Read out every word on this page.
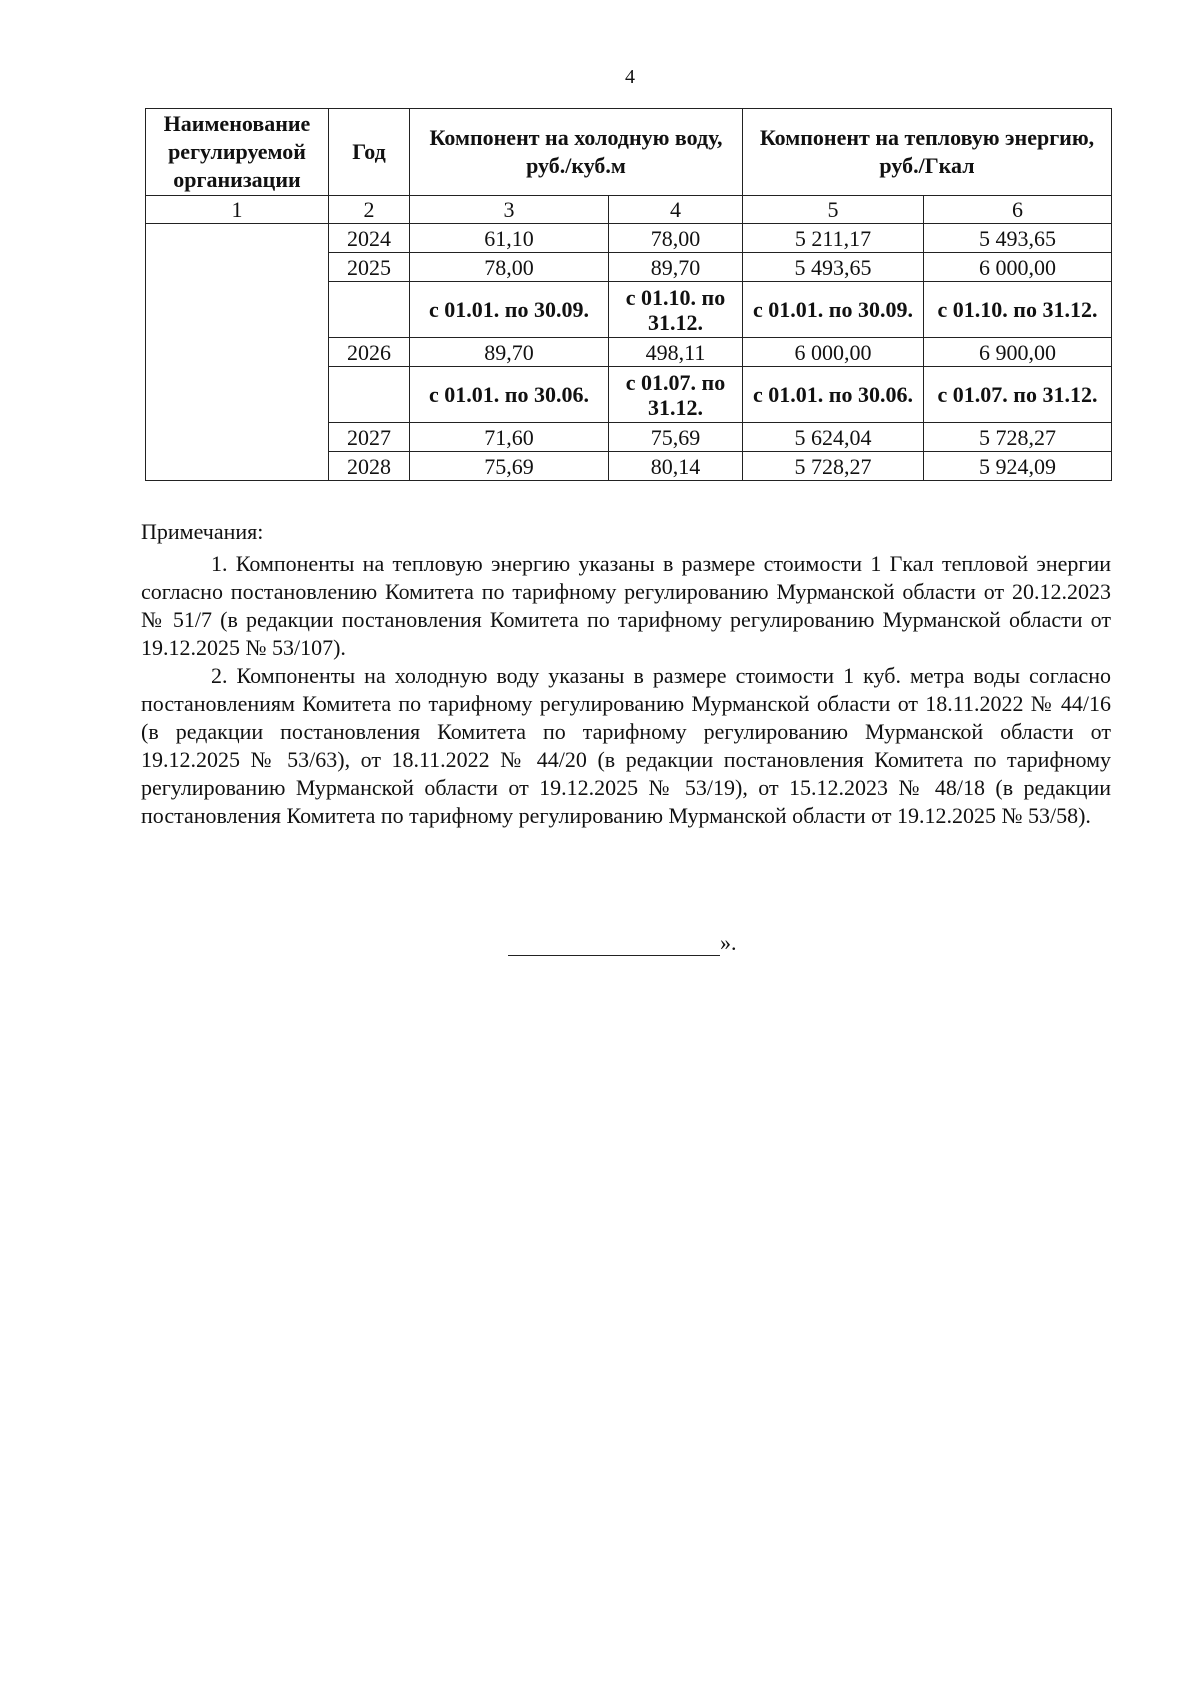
4
Наименование регулируемой организации	Год	Компонент на холодную воду, руб./куб.м		Компонент на тепловую энергию, руб./Гкал	
1	2	3	4	5	6
	2024	61,10	78,00	5 211,17	5 493,65
	2025	78,00	89,70	5 493,65	6 000,00
		с 01.01. по 30.09.	с 01.10. по 31.12.	с 01.01. по 30.09.	с 01.10. по 31.12.
	2026	89,70	498,11	6 000,00	6 900,00
		с 01.01. по 30.06.	с 01.07. по 31.12.	с 01.01. по 30.06.	с 01.07. по 31.12.
	2027	71,60	75,69	5 624,04	5 728,27
	2028	75,69	80,14	5 728,27	5 924,09

Примечания:

1. Компоненты на тепловую энергию указаны в размере стоимости 1 Гкал тепловой энергии согласно постановлению Комитета по тарифному регулированию Мурманской области от 20.12.2023 № 51/7 (в редакции постановления Комитета по тарифному регулированию Мурманской области от 19.12.2025 № 53/107).

2. Компоненты на холодную воду указаны в размере стоимости 1 куб. метра воды согласно постановлениям Комитета по тарифному регулированию Мурманской области от 18.11.2022 № 44/16 (в редакции постановления Комитета по тарифному регулированию Мурманской области от 19.12.2025 № 53/63), от 18.11.2022 № 44/20 (в редакции постановления Комитета по тарифному регулированию Мурманской области от 19.12.2025 № 53/19), от 15.12.2023 № 48/18 (в редакции постановления Комитета по тарифному регулированию Мурманской области от 19.12.2025 № 53/58).

».
